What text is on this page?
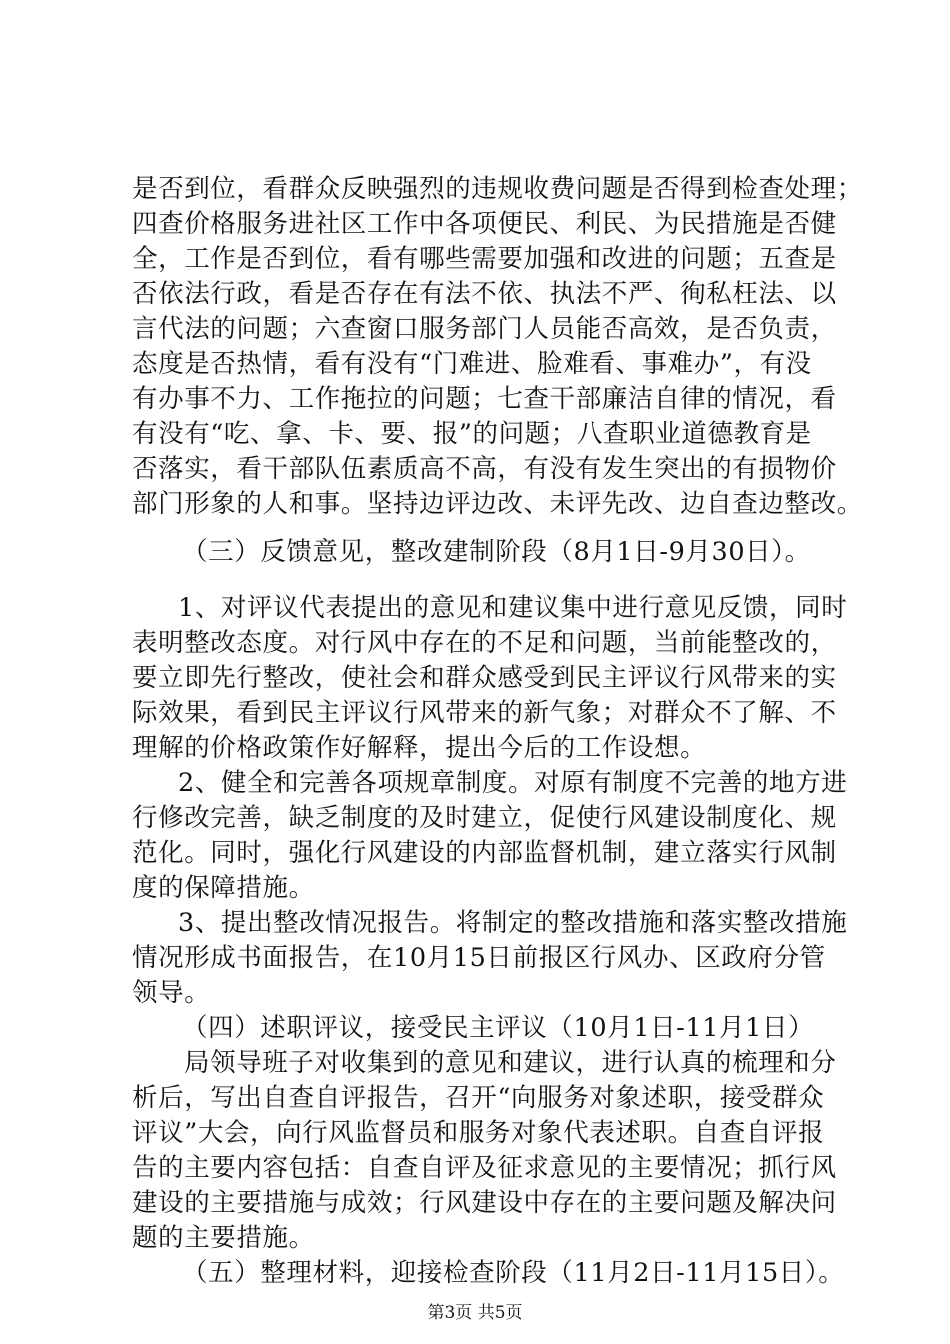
是否到位，看群众反映强烈的违规收费问题是否得到检查处理；
四查价格服务进社区工作中各项便民、利民、为民措施是否健
全，工作是否到位，看有哪些需要加强和改进的问题；五查是
否依法行政，看是否存在有法不依、执法不严、徇私枉法、以
言代法的问题；六查窗口服务部门人员能否高效，是否负责，
态度是否热情，看有没有“门难进、脸难看、事难办”，有没
有办事不力、工作拖拉的问题；七查干部廉洁自律的情况，看
有没有“吃、拿、卡、要、报”的问题；八查职业道德教育是
否落实，看干部队伍素质高不高，有没有发生突出的有损物价
部门形象的人和事。坚持边评边改、未评先改、边自查边整改。
（三）反馈意见，整改建制阶段（8月1日-9月30日）。
1、对评议代表提出的意见和建议集中进行意见反馈，同时
表明整改态度。对行风中存在的不足和问题，当前能整改的，
要立即先行整改，使社会和群众感受到民主评议行风带来的实
际效果，看到民主评议行风带来的新气象；对群众不了解、不
理解的价格政策作好解释，提出今后的工作设想。
2、健全和完善各项规章制度。对原有制度不完善的地方进
行修改完善，缺乏制度的及时建立，促使行风建设制度化、规
范化。同时，强化行风建设的内部监督机制，建立落实行风制
度的保障措施。
3、提出整改情况报告。将制定的整改措施和落实整改措施
情况形成书面报告，在10月15日前报区行风办、区政府分管
领导。
（四）述职评议，接受民主评议（10月1日-11月1日）
局领导班子对收集到的意见和建议，进行认真的梳理和分
析后，写出自查自评报告，召开“向服务对象述职，接受群众
评议”大会，向行风监督员和服务对象代表述职。自查自评报
告的主要内容包括：自查自评及征求意见的主要情况；抓行风
建设的主要措施与成效；行风建设中存在的主要问题及解决问
题的主要措施。
（五）整理材料，迎接检查阶段（11月2日-11月15日）。
第3页 共5页
